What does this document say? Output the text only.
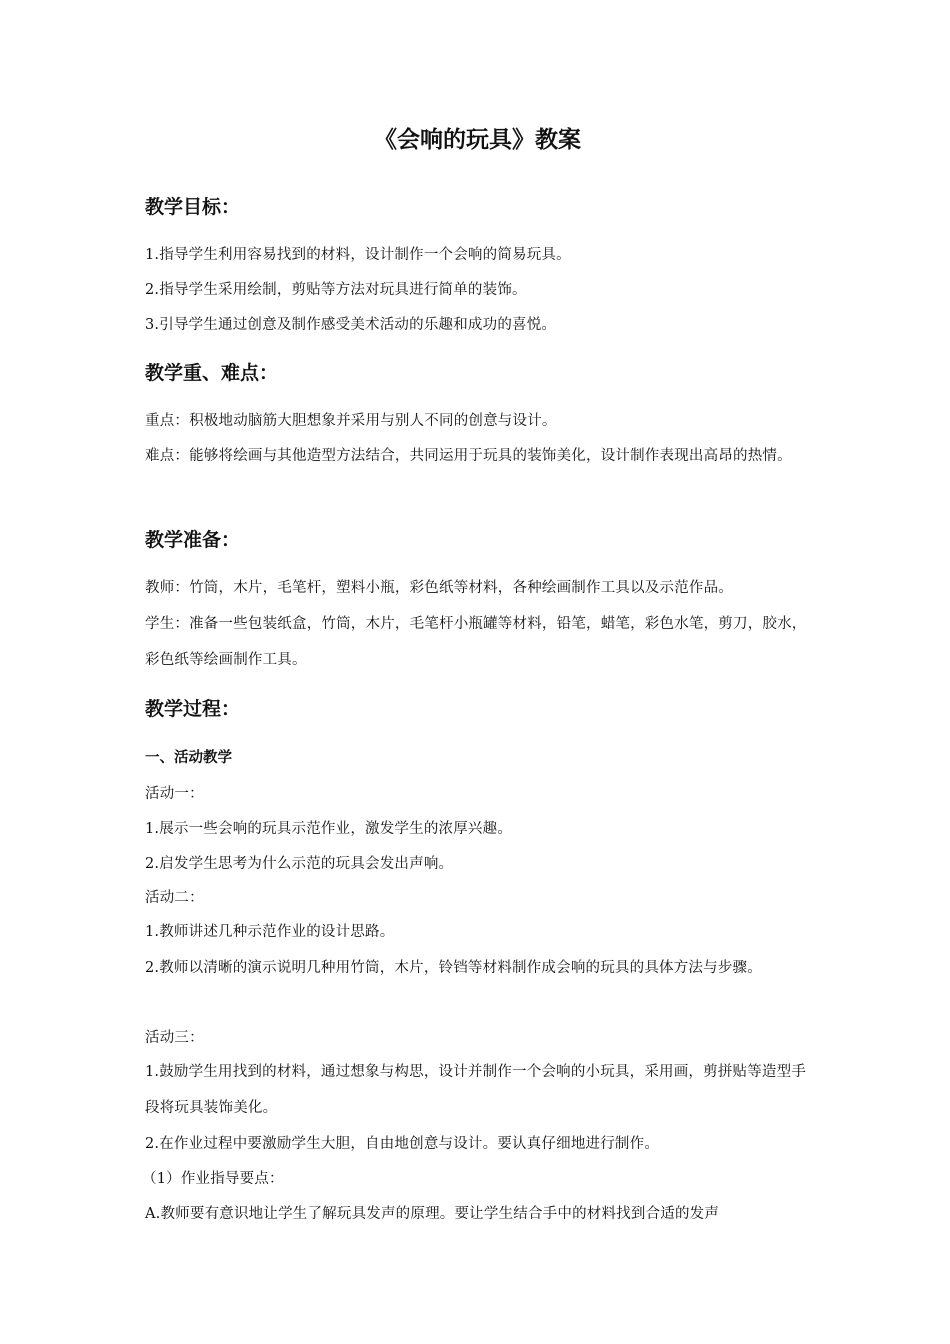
《会响的玩具》教案
教学目标：

1.指导学生利用容易找到的材料，设计制作一个会响的简易玩具。

2.指导学生采用绘制，剪贴等方法对玩具进行简单的装饰。

3.引导学生通过创意及制作感受美术活动的乐趣和成功的喜悦。

教学重、难点：

重点：积极地动脑筋大胆想象并采用与别人不同的创意与设计。

难点：能够将绘画与其他造型方法结合，共同运用于玩具的装饰美化，设计制作表现出高昂的热情。

教学准备：

教师：竹筒，木片，毛笔杆，塑料小瓶，彩色纸等材料，各种绘画制作工具以及示范作品。

学生：准备一些包装纸盒，竹筒，木片，毛笔杆小瓶罐等材料，铅笔，蜡笔，彩色水笔，剪刀，胶水，彩色纸等绘画制作工具。

教学过程：
一、活动教学

活动一：

1.展示一些会响的玩具示范作业，激发学生的浓厚兴趣。

2.启发学生思考为什么示范的玩具会发出声响。

活动二：

1.教师讲述几种示范作业的设计思路。

2.教师以清晰的演示说明几种用竹筒，木片，铃铛等材料制作成会响的玩具的具体方法与步骤。

活动三：

1.鼓励学生用找到的材料，通过想象与构思，设计并制作一个会响的小玩具，采用画，剪拼贴等造型手段将玩具装饰美化。

2.在作业过程中要激励学生大胆，自由地创意与设计。要认真仔细地进行制作。

（1）作业指导要点：

A.教师要有意识地让学生了解玩具发声的原理。要让学生结合手中的材料找到合适的发声
